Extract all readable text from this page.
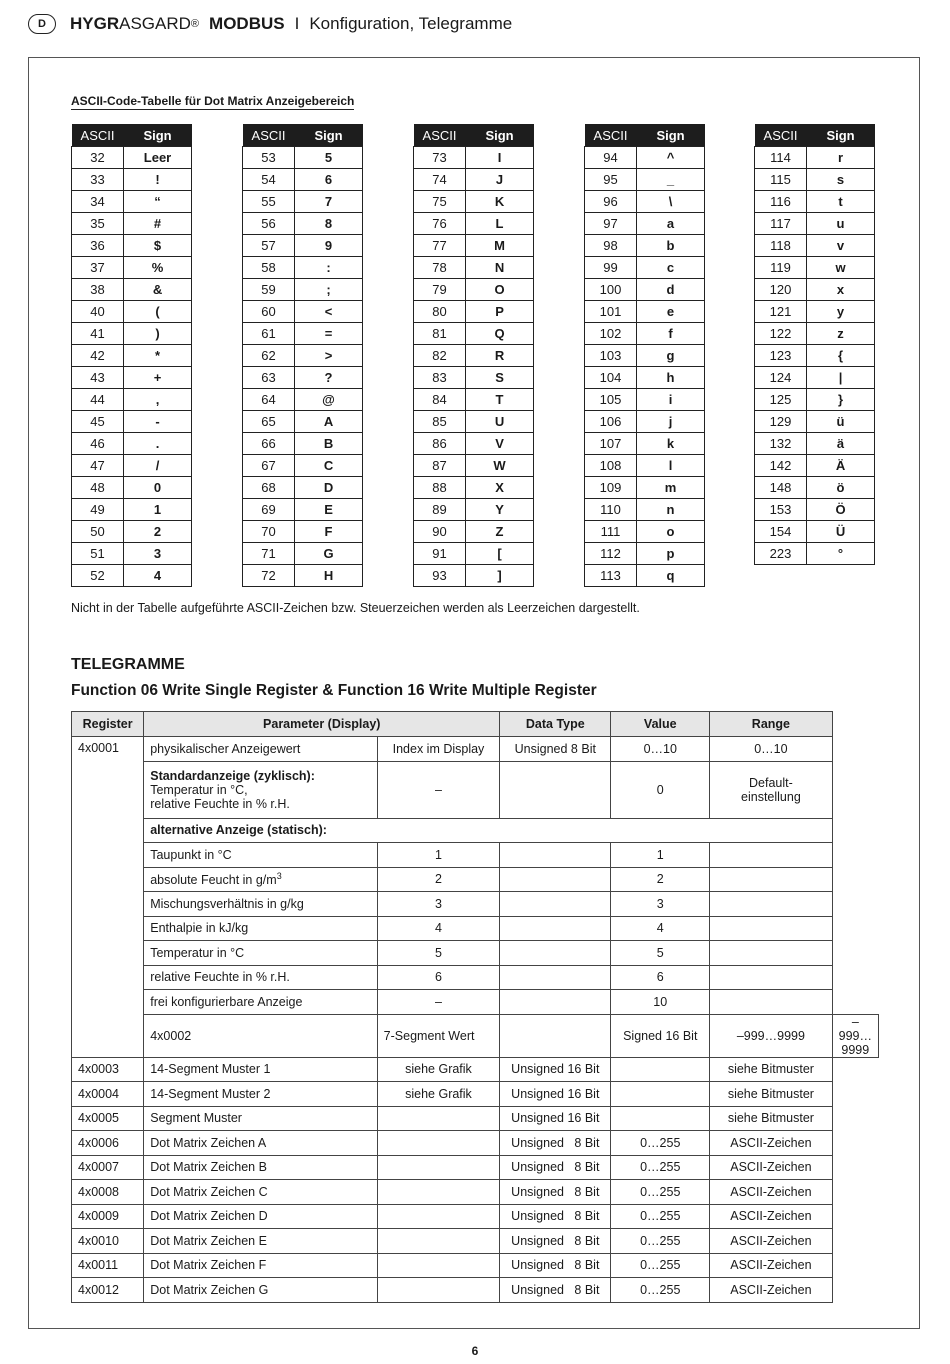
D	HYGR ASGARD ® MODBUS I Konfiguration, Telegramme
ASCII-Code-Tabelle für Dot Matrix Anzeigebereich
ASCII	Sign
32	Leer
33	!
34	“
35	#
36	$
37	%
38	&
40	(
41	)
42	*
43	+
44	,
45	-
46	.
47	/
48	0
49	1
50	2
51	3
52	4
ASCII	Sign
53	5
54	6
55	7
56	8
57	9
58	:
59	;
60	<
61	=
62	>
63	?
64	@
65	A
66	B
67	C
68	D
69	E
70	F
71	G
72	H
ASCII	Sign
73	I
74	J
75	K
76	L
77	M
78	N
79	O
80	P
81	Q
82	R
83	S
84	T
85	U
86	V
87	W
88	X
89	Y
90	Z
91	[
93	]
ASCII	Sign
94	^
95	_
96	\
97	a
98	b
99	c
100	d
101	e
102	f
103	g
104	h
105	i
106	j
107	k
108	l
109	m
110	n
111	o
112	p
113	q
ASCII	Sign
114	r
115	s
116	t
117	u
118	v
119	w
120	x
121	y
122	z
123	{
124	|
125	}
129	ü
132	ä
142	Ä
148	ö
153	Ö
154	Ü
223	°
Nicht in der Tabelle aufgeführte ASCII-Zeichen bzw. Steuerzeichen werden als Leerzeichen dargestellt.
TELEGRAMME
Function 06 Write Single Register & Function 16 Write Multiple Register
Register	Parameter (Display)		Data Type	Value	Range	
4x0001	physikalischer Anzeigewert	Index im Display	Unsigned 8 Bit	0…10	0…10	
	Standardanzeige (zyklisch):
Temperatur in °C,
relative Feuchte in % r.H.	–		0	Default-
einstellung	
	alternative Anzeige (statisch):					
	Taupunkt in °C	1		1		
	absolute Feucht in $g/m^3$	2		2		
	Mischungsverhältnis in g/kg	3		3		
	Enthalpie in kJ/kg	4		4		
	Temperatur in °C	5		5		
	relative Feuchte in % r.H.	6		6		
	frei konfigurierbare Anzeige	–		10		
	4x0002	7-Segment Wert		Signed 16 Bit	–999…9999	–999…9999
4x0003	14-Segment Muster 1	siehe Grafik	Unsigned 16 Bit		siehe Bitmuster	
4x0004	14-Segment Muster 2	siehe Grafik	Unsigned 16 Bit		siehe Bitmuster	
4x0005	Segment Muster		Unsigned 16 Bit		siehe Bitmuster	
4x0006	Dot Matrix Zeichen A		Unsigned   8 Bit	0…255	ASCII-Zeichen	
4x0007	Dot Matrix Zeichen B		Unsigned   8 Bit	0…255	ASCII-Zeichen	
4x0008	Dot Matrix Zeichen C		Unsigned   8 Bit	0…255	ASCII-Zeichen	
4x0009	Dot Matrix Zeichen D		Unsigned   8 Bit	0…255	ASCII-Zeichen	
4x0010	Dot Matrix Zeichen E		Unsigned   8 Bit	0…255	ASCII-Zeichen	
4x0011	Dot Matrix Zeichen F		Unsigned   8 Bit	0…255	ASCII-Zeichen	
4x0012	Dot Matrix Zeichen G		Unsigned   8 Bit	0…255	ASCII-Zeichen	
6
